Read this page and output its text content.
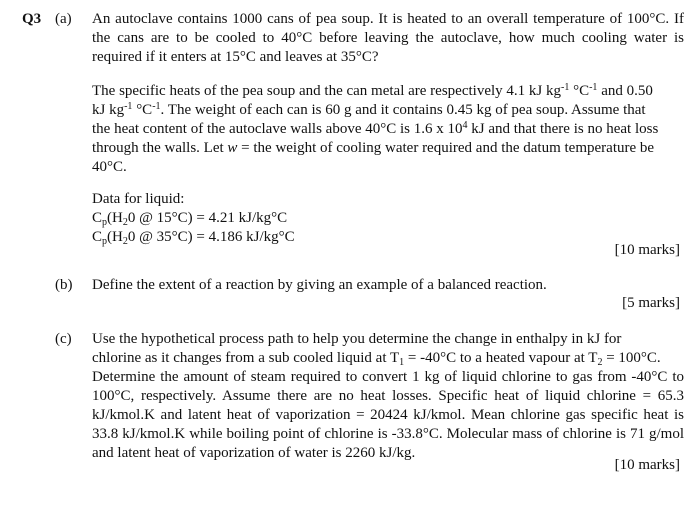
Q3 (a) An autoclave contains 1000 cans of pea soup. It is heated to an overall temperature of 100°C. If the cans are to be cooled to 40°C before leaving the autoclave, how much cooling water is required if it enters at 15°C and leaves at 35°C?
The specific heats of the pea soup and the can metal are respectively 4.1 kJ $kg^{-1}$ $^\circ C^{-1}$ and 0.50
kJ $kg^{-1}$ $^\circ C^{-1}$. The weight of each can is 60 g and it contains 0.45 kg of pea soup. Assume that
the heat content of the autoclave walls above 40°C is 1.6 x $10^4$ kJ and that there is no heat loss
through the walls. Let w = the weight of cooling water required and the datum temperature be
40°C.
Data for liquid:
$C_p(H_20$ @ 15°C) = 4.21 kJ/kg°C
$C_p(H_20$ @ 35°C) = 4.186 kJ/kg°C
[10 marks]
(b) Define the extent of a reaction by giving an example of a balanced reaction.
[5 marks]
(c) Use the hypothetical process path to help you determine the change in enthalpy in kJ for
chlorine as it changes from a sub cooled liquid at $T_1 = -40^\circ C$ to a heated vapour at $T_2 = 100^\circ C$.
Determine the amount of steam required to convert 1 kg of liquid chlorine to gas from -40°C to 100°C, respectively. Assume there are no heat losses. Specific heat of liquid chlorine = 65.3 kJ/kmol.K and latent heat of vaporization = 20424 kJ/kmol. Mean chlorine gas specific heat is 33.8 kJ/kmol.K while boiling point of chlorine is -33.8°C. Molecular mass of chlorine is 71 g/mol and latent heat of vaporization of water is 2260 kJ/kg.
[10 marks]
